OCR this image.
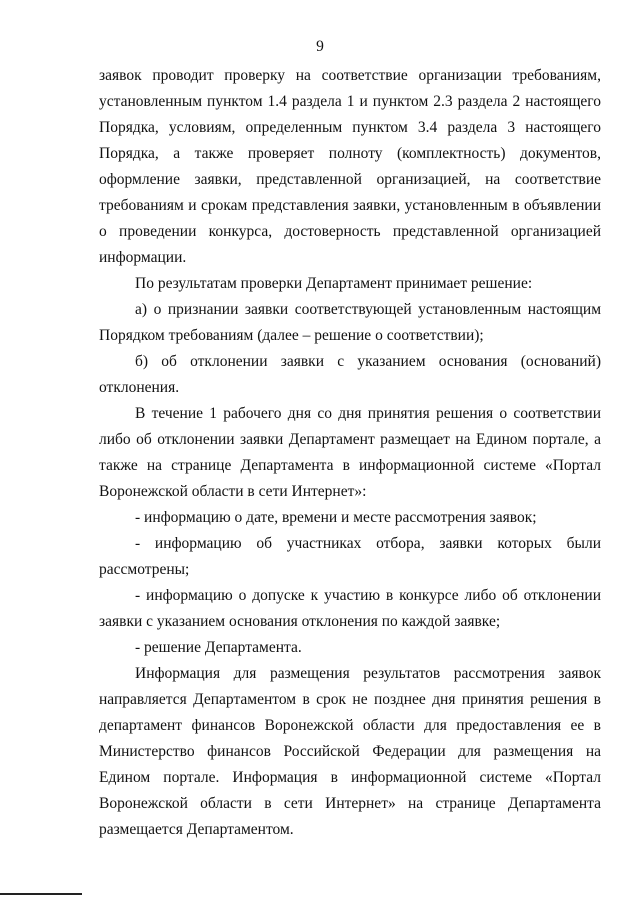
9

заявок проводит проверку на соответствие организации требованиям, установленным пунктом 1.4 раздела 1 и пунктом 2.3 раздела 2 настоящего Порядка, условиям, определенным пунктом 3.4 раздела 3 настоящего Порядка, а также проверяет полноту (комплектность) документов, оформление заявки, представленной организацией, на соответствие требованиям и срокам представления заявки, установленным в объявлении о проведении конкурса, достоверность представленной организацией информации.

По результатам проверки Департамент принимает решение:

а) о признании заявки соответствующей установленным настоящим Порядком требованиям (далее – решение о соответствии);

б) об отклонении заявки с указанием основания (оснований) отклонения.

В течение 1 рабочего дня со дня принятия решения о соответствии либо об отклонении заявки Департамент размещает на Едином портале, а также на странице Департамента в информационной системе «Портал Воронежской области в сети Интернет»:

- информацию о дате, времени и месте рассмотрения заявок;

- информацию об участниках отбора, заявки которых были рассмотрены;

- информацию о допуске к участию в конкурсе либо об отклонении заявки с указанием основания отклонения по каждой заявке;

- решение Департамента.

Информация для размещения результатов рассмотрения заявок направляется Департаментом в срок не позднее дня принятия решения в департамент финансов Воронежской области для предоставления ее в Министерство финансов Российской Федерации для размещения на Едином портале. Информация в информационной системе «Портал Воронежской области в сети Интернет» на странице Департамента размещается Департаментом.
